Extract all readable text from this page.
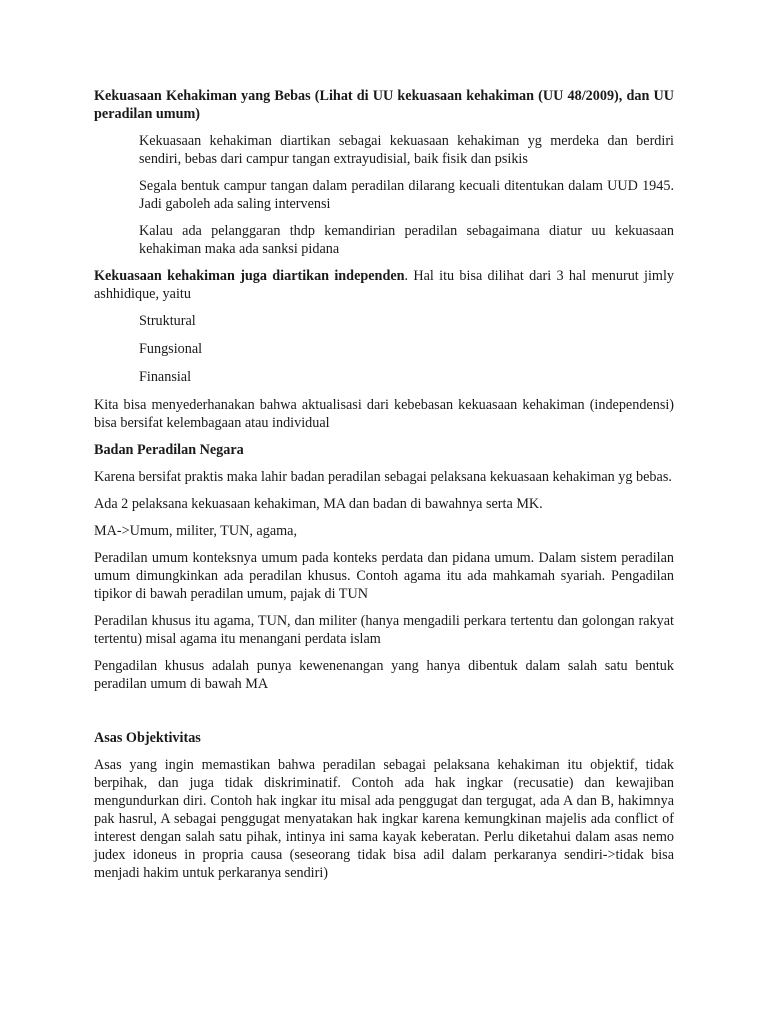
Kekuasaan Kehakiman yang Bebas (Lihat di UU kekuasaan kehakiman (UU 48/2009), dan UU peradilan umum)

Kekuasaan kehakiman diartikan sebagai kekuasaan kehakiman yg merdeka dan berdiri sendiri, bebas dari campur tangan extrayudisial, baik fisik dan psikis

Segala bentuk campur tangan dalam peradilan dilarang kecuali ditentukan dalam UUD 1945. Jadi gaboleh ada saling intervensi

Kalau ada pelanggaran thdp kemandirian peradilan sebagaimana diatur uu kekuasaan kehakiman maka ada sanksi pidana

Kekuasaan kehakiman juga diartikan independen. Hal itu bisa dilihat dari 3 hal menurut jimly ashhidique, yaitu

Struktural

Fungsional

Finansial

Kita bisa menyederhanakan bahwa aktualisasi dari kebebasan kekuasaan kehakiman (independensi) bisa bersifat kelembagaan atau individual

Badan Peradilan Negara

Karena bersifat praktis maka lahir badan peradilan sebagai pelaksana kekuasaan kehakiman yg bebas.

Ada 2 pelaksana kekuasaan kehakiman, MA dan badan di bawahnya serta MK.

MA->Umum, militer, TUN, agama,

Peradilan umum konteksnya umum pada konteks perdata dan pidana umum. Dalam sistem peradilan umum dimungkinkan ada peradilan khusus. Contoh agama itu ada mahkamah syariah. Pengadilan tipikor di bawah peradilan umum, pajak di TUN

Peradilan khusus itu agama, TUN, dan militer (hanya mengadili perkara tertentu dan golongan rakyat tertentu) misal agama itu menangani perdata islam

Pengadilan khusus adalah punya kewenenangan yang hanya dibentuk dalam salah satu bentuk peradilan umum di bawah MA

Asas Objektivitas

Asas yang ingin memastikan bahwa peradilan sebagai pelaksana kehakiman itu objektif, tidak berpihak, dan juga tidak diskriminatif. Contoh ada hak ingkar (recusatie) dan kewajiban mengundurkan diri. Contoh hak ingkar itu misal ada penggugat dan tergugat, ada A dan B, hakimnya pak hasrul, A sebagai penggugat menyatakan hak ingkar karena kemungkinan majelis ada conflict of interest dengan salah satu pihak, intinya ini sama kayak keberatan. Perlu diketahui dalam asas nemo judex idoneus in propria causa (seseorang tidak bisa adil dalam perkaranya sendiri->tidak bisa menjadi hakim untuk perkaranya sendiri)
